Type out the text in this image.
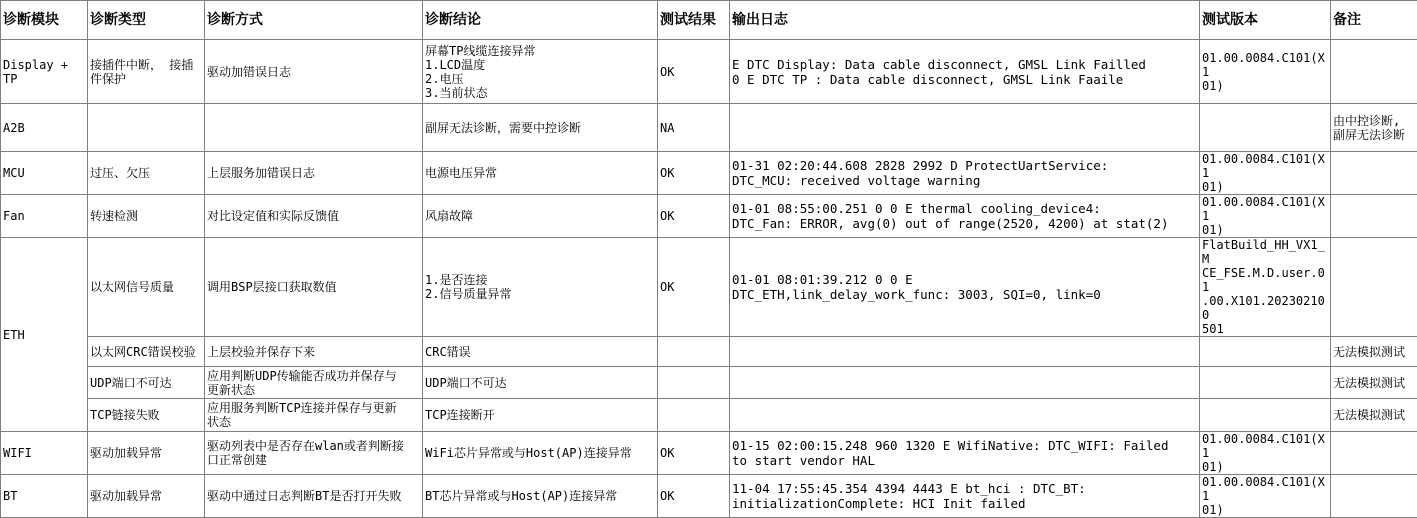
诊断模块	诊断类型	诊断方式	诊断结论	测试结果	输出日志	测试版本	备注

Display +
TP	接插件中断， 接插
件保护	驱动加错误日志	屏幕TP线缆连接异常
1.LCD温度
2.电压
3.当前状态	OK	E DTC Display: Data cable disconnect, GMSL Link Failled
0 E DTC TP : Data cable disconnect, GMSL Link Faaile	01.00.0084.C101(X1
01)	

A2B			副屏无法诊断，需要中控诊断	NA			由中控诊断,
副屏无法诊断

MCU	过压、欠压	上层服务加错误日志	电源电压异常	OK	01-31 02:20:44.608 2828 2992 D ProtectUartService:
DTC_MCU: received voltage warning	01.00.0084.C101(X1
01)	

Fan	转速检测	对比设定值和实际反馈值	风扇故障	OK	01-01 08:55:00.251 0 0 E thermal cooling_device4:
DTC_Fan: ERROR, avg(0) out of range(2520, 4200) at stat(2)	01.00.0084.C101(X1
01)	

ETH	以太网信号质量	调用BSP层接口获取数值	1.是否连接
2.信号质量异常	OK	01-01 08:01:39.212 0 0 E
DTC_ETH,link_delay_work_func: 3003, SQI=0, link=0	FlatBuild_HH_VX1_M
CE_FSE.M.D.user.01
.00.X101.202302100
501	

	以太网CRC错误校验	上层校验并保存下来	CRC错误				无法模拟测试

	UDP端口不可达	应用判断UDP传输能否成功并保存与
更新状态	UDP端口不可达				无法模拟测试

	TCP链接失败	应用服务判断TCP连接并保存与更新
状态	TCP连接断开				无法模拟测试

WIFI	驱动加载异常	驱动列表中是否存在wlan或者判断接
口正常创建	WiFi芯片异常或与Host(AP)连接异常	OK	01-15 02:00:15.248 960 1320 E WifiNative: DTC_WIFI: Failed
to start vendor HAL	01.00.0084.C101(X1
01)	

BT	驱动加载异常	驱动中通过日志判断BT是否打开失败	BT芯片异常或与Host(AP)连接异常	OK	11-04 17:55:45.354 4394 4443 E bt_hci : DTC_BT:
initializationComplete: HCI Init failed	01.00.0084.C101(X1
01)	
